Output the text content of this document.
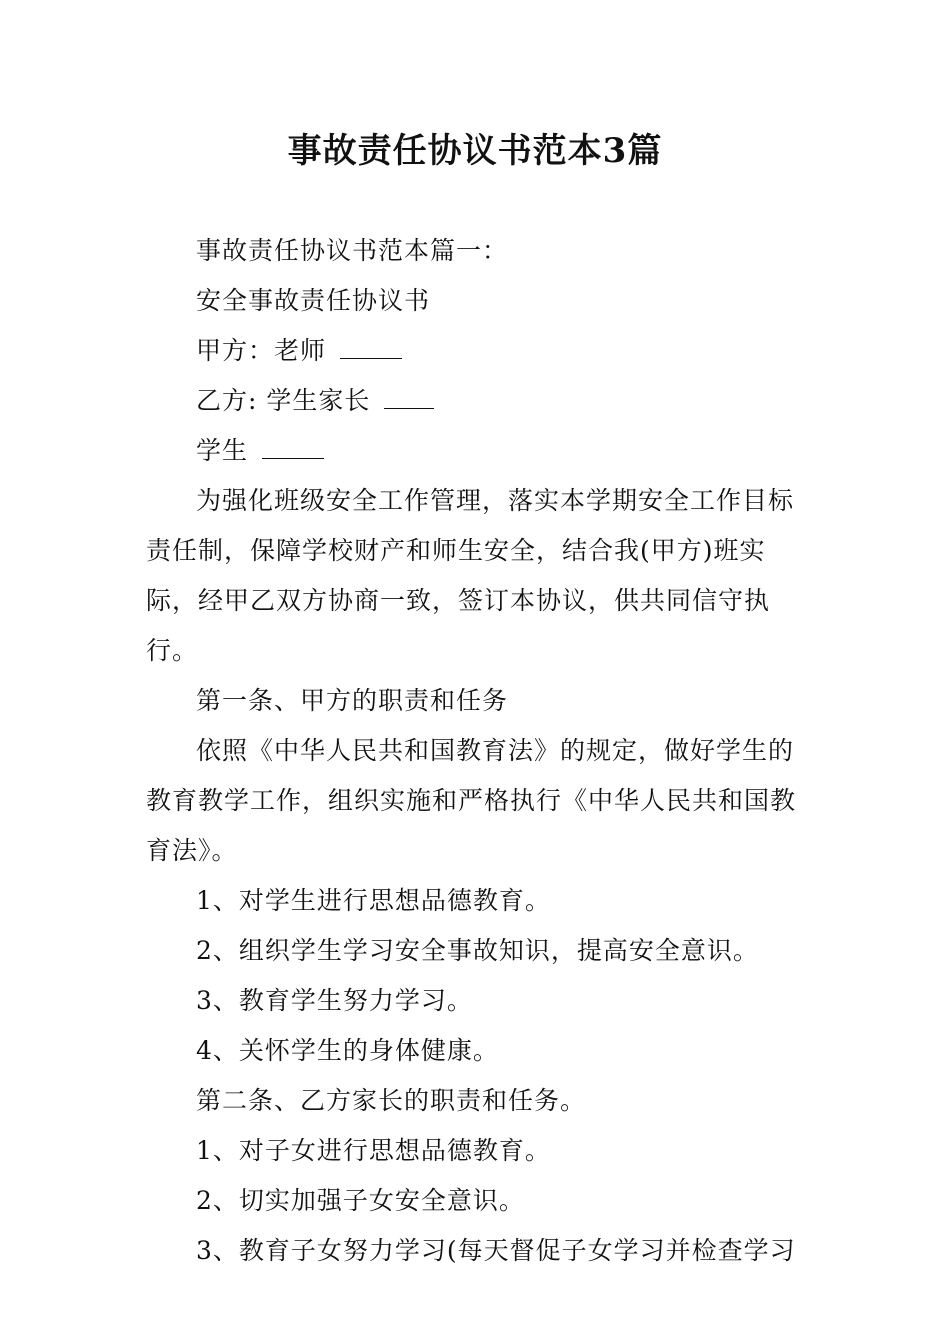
事故责任协议书范本3篇

事故责任协议书范本篇一：

安全事故责任协议书

甲方：老师

乙方: 学生家长

学生

为强化班级安全工作管理，落实本学期安全工作目标责任制，保障学校财产和师生安全，结合我(甲方)班实际，经甲乙双方协商一致，签订本协议，供共同信守执行。

第一条、甲方的职责和任务

依照《中华人民共和国教育法》的规定，做好学生的教育教学工作，组织实施和严格执行《中华人民共和国教育法》。

1、对学生进行思想品德教育。

2、组织学生学习安全事故知识，提高安全意识。

3、教育学生努力学习。

4、关怀学生的身体健康。

第二条、乙方家长的职责和任务。

1、对子女进行思想品德教育。

2、切实加强子女安全意识。

3、教育子女努力学习(每天督促子女学习并检查学习
